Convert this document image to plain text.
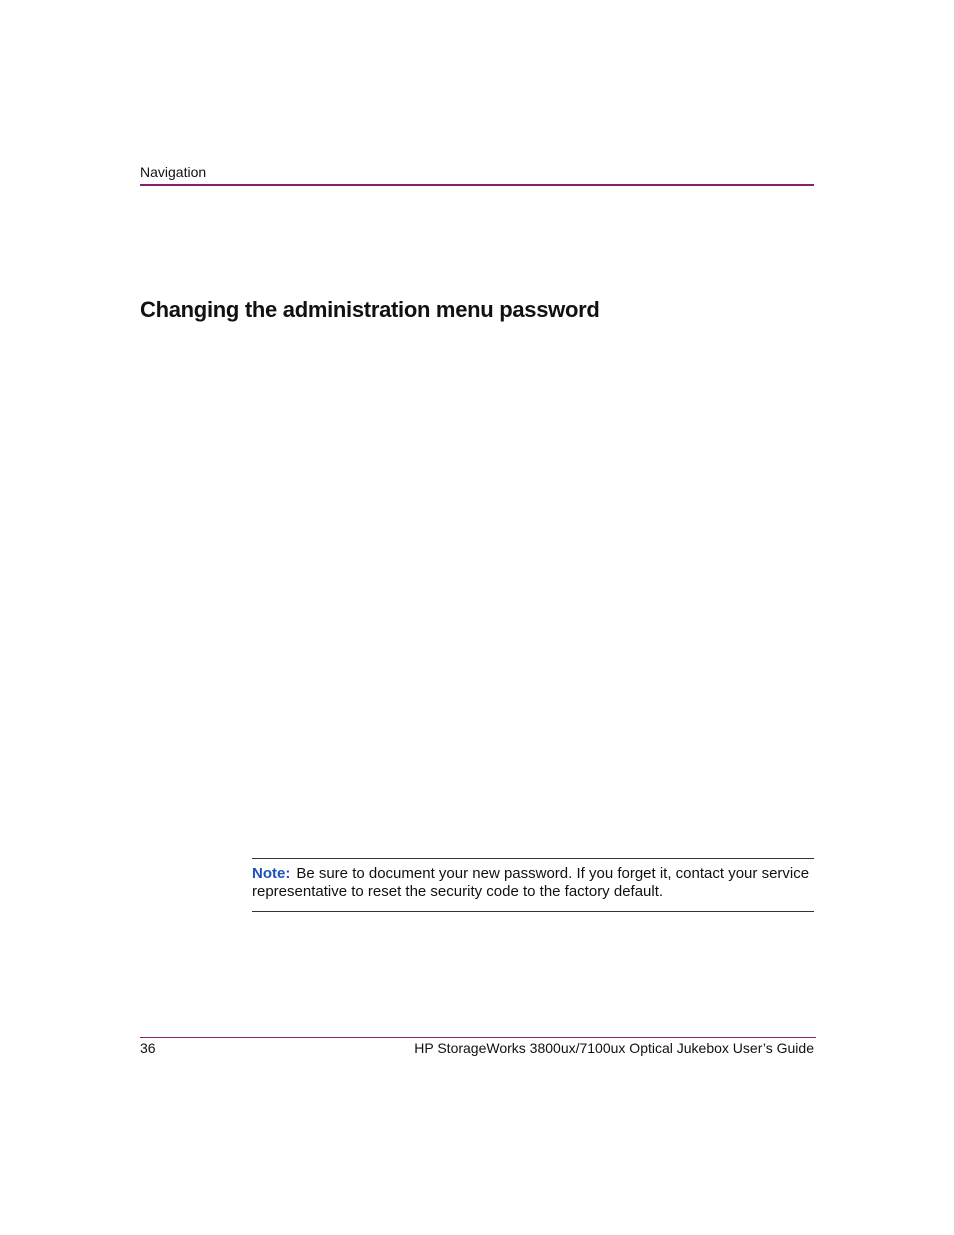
Navigation
Changing the administration menu password
Note: Be sure to document your new password. If you forget it, contact your service representative to reset the security code to the factory default.
36	HP StorageWorks 3800ux/7100ux Optical Jukebox User’s Guide
